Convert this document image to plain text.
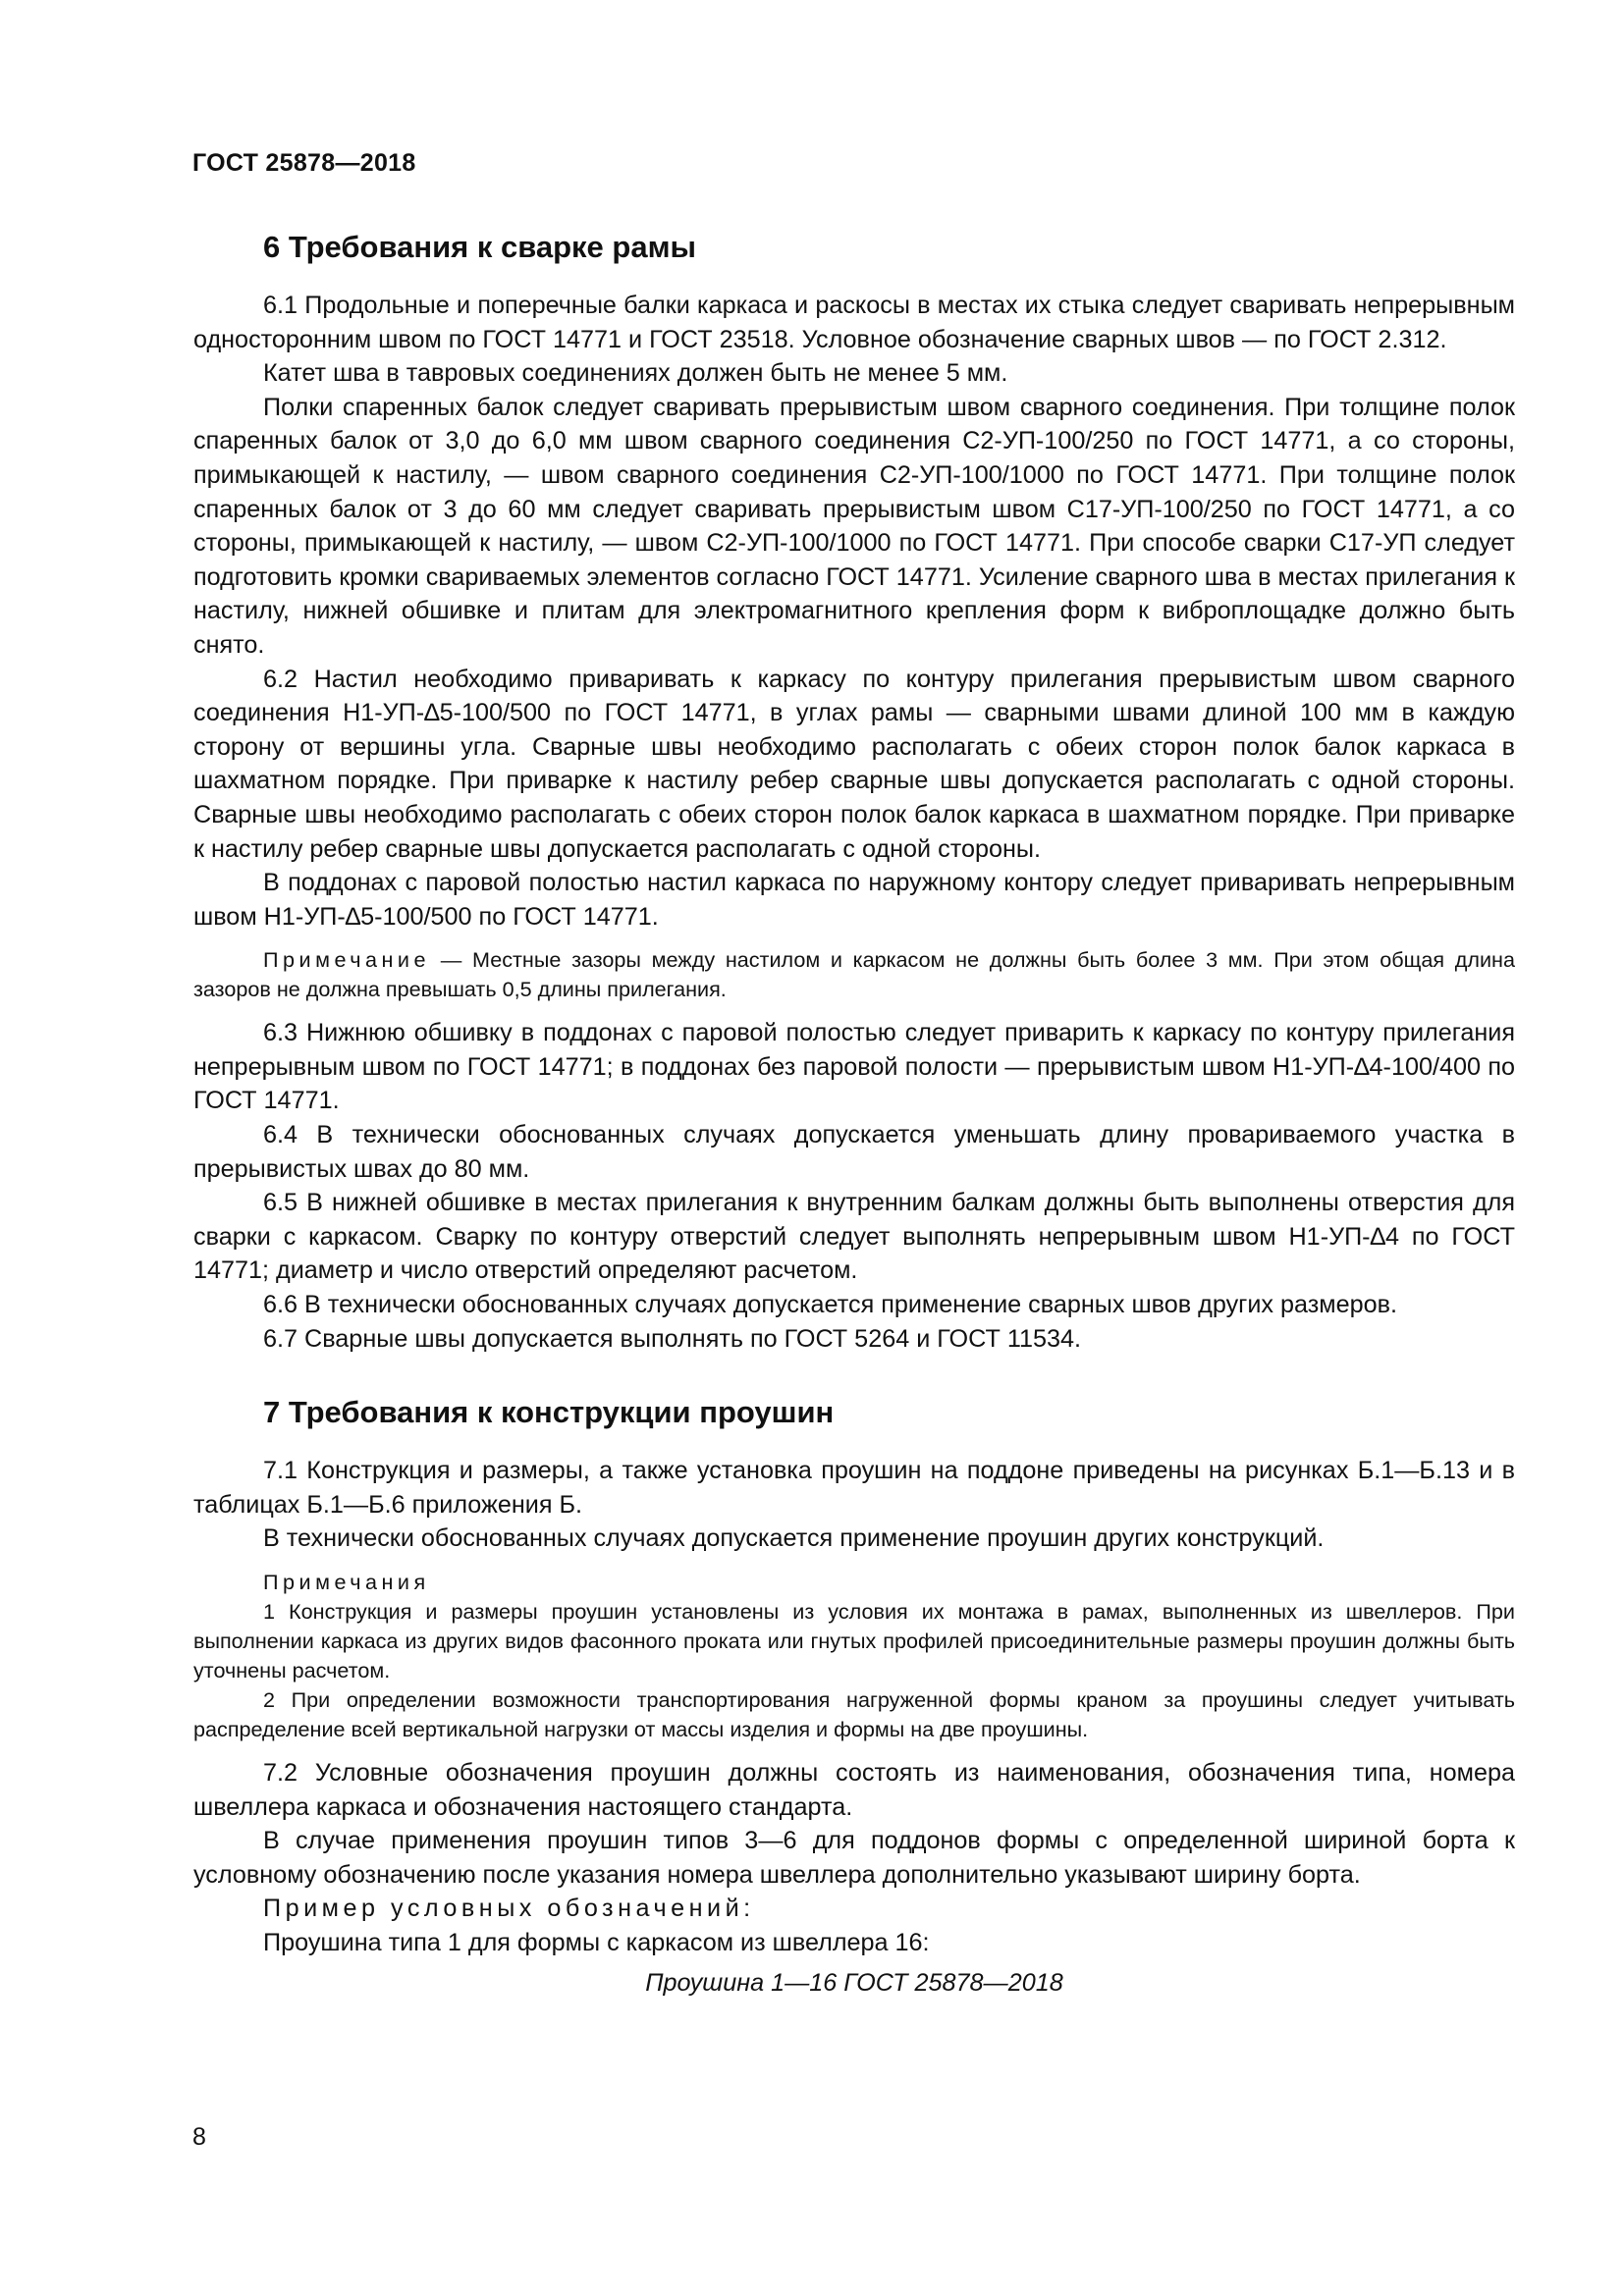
ГОСТ 25878—2018
6 Требования к сварке рамы

6.1 Продольные и поперечные балки каркаса и раскосы в местах их стыка следует сваривать непрерывным односторонним швом по ГОСТ 14771 и ГОСТ 23518. Условное обозначение сварных швов — по ГОСТ 2.312.

Катет шва в тавровых соединениях должен быть не менее 5 мм.

Полки спаренных балок следует сваривать прерывистым швом сварного соединения. При толщине полок спаренных балок от 3,0 до 6,0 мм швом сварного соединения С2-УП-100/250 по ГОСТ 14771, а со стороны, примыкающей к настилу, — швом сварного соединения С2-УП-100/1000 по ГОСТ 14771. При толщине полок спаренных балок от 3 до 60 мм следует сваривать прерывистым швом С17-УП-100/250 по ГОСТ 14771, а со стороны, примыкающей к настилу, — швом С2-УП-100/1000 по ГОСТ 14771. При способе сварки С17-УП следует подготовить кромки свариваемых элементов согласно ГОСТ 14771. Усиление сварного шва в местах прилегания к настилу, нижней обшивке и плитам для электромагнитного крепления форм к виброплощадке должно быть снято.

6.2 Настил необходимо приваривать к каркасу по контуру прилегания прерывистым швом сварного соединения Н1-УП-∆5-100/500 по ГОСТ 14771, в углах рамы — сварными швами длиной 100 мм в каждую сторону от вершины угла. Сварные швы необходимо располагать с обеих сторон полок балок каркаса в шахматном порядке. При приварке к настилу ребер сварные швы допускается располагать с одной стороны. Сварные швы необходимо располагать с обеих сторон полок балок каркаса в шахматном порядке. При приварке к настилу ребер сварные швы допускается располагать с одной стороны.

В поддонах с паровой полостью настил каркаса по наружному контору следует приваривать непрерывным швом Н1-УП-∆5-100/500 по ГОСТ 14771.

Примечание — Местные зазоры между настилом и каркасом не должны быть более 3 мм. При этом общая длина зазоров не должна превышать 0,5 длины прилегания.

6.3 Нижнюю обшивку в поддонах с паровой полостью следует приварить к каркасу по контуру прилегания непрерывным швом по ГОСТ 14771; в поддонах без паровой полости — прерывистым швом Н1-УП-∆4-100/400 по ГОСТ 14771.

6.4 В технически обоснованных случаях допускается уменьшать длину провариваемого участка в прерывистых швах до 80 мм.

6.5 В нижней обшивке в местах прилегания к внутренним балкам должны быть выполнены отверстия для сварки с каркасом. Сварку по контуру отверстий следует выполнять непрерывным швом Н1-УП-∆4 по ГОСТ 14771; диаметр и число отверстий определяют расчетом.

6.6 В технически обоснованных случаях допускается применение сварных швов других размеров.

6.7 Сварные швы допускается выполнять по ГОСТ 5264 и ГОСТ 11534.

7 Требования к конструкции проушин

7.1 Конструкция и размеры, а также установка проушин на поддоне приведены на рисунках Б.1—Б.13 и в таблицах Б.1—Б.6 приложения Б.

В технически обоснованных случаях допускается применение проушин других конструкций.

Примечания

1 Конструкция и размеры проушин установлены из условия их монтажа в рамах, выполненных из швеллеров. При выполнении каркаса из других видов фасонного проката или гнутых профилей присоединительные размеры проушин должны быть уточнены расчетом.

2 При определении возможности транспортирования нагруженной формы краном за проушины следует учитывать распределение всей вертикальной нагрузки от массы изделия и формы на две проушины.

7.2 Условные обозначения проушин должны состоять из наименования, обозначения типа, номера швеллера каркаса и обозначения настоящего стандарта.

В случае применения проушин типов 3—6 для поддонов формы с определенной шириной борта к условному обозначению после указания номера швеллера дополнительно указывают ширину борта.

Пример условных обозначений:

Проушина типа 1 для формы с каркасом из швеллера 16:

Проушина 1—16 ГОСТ 25878—2018

8
